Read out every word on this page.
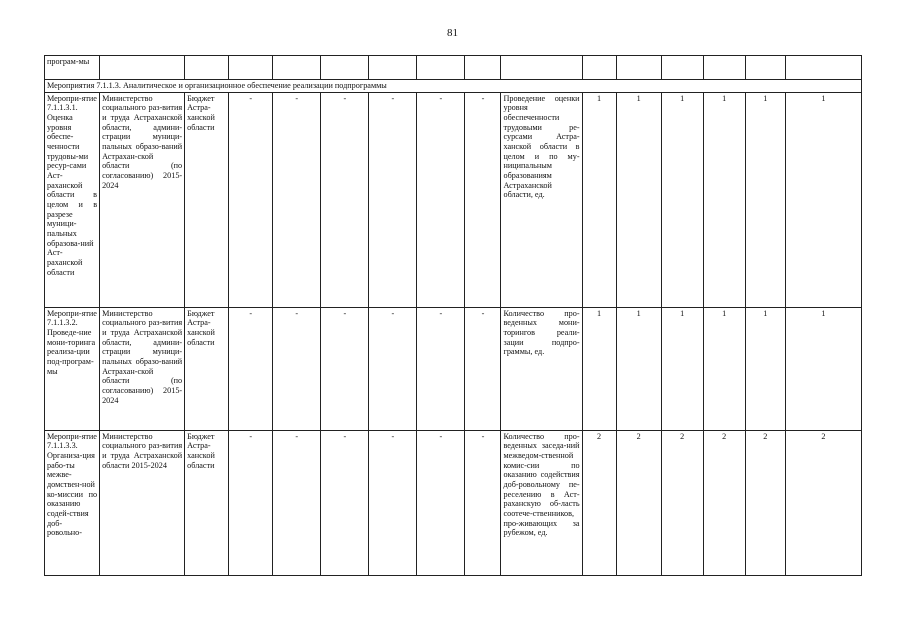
81
програм-мы															
Мероприятия 7.1.1.3. Аналитическое и организационное обеспечение реализации подпрограммы															
Меропри-ятие 7.1.1.3.1. Оценка уровня обеспе-ченности трудовы-ми ресур-сами Аст-раханской области в целом и в разрезе муници-пальных образова-ний Аст-раханской области	Министерство социального раз-вития и труда Астраханской области, админи-страции муници-пальных образо-ваний Астрахан-ской области (по согласованию) 2015-2024	Бюджет Астра-ханской области	-	-	-	-	-	-	Проведение оценки уровня обеспеченности трудовыми ре-сурсами Астра-ханской области в целом и по му-ниципальным образованиям Астраханской области, ед.	1	1	1	1	1	1
Меропри-ятие 7.1.1.3.2. Проведе-ние мони-торинга реализа-ции под-програм-мы	Министерство социального раз-вития и труда Астраханской области, админи-страции муници-пальных образо-ваний Астрахан-ской области (по согласованию) 2015-2024	Бюджет Астра-ханской области	-	-	-	-	-	-	Количество про-веденных мони-торингов реали-зации подпро-граммы, ед.	1	1	1	1	1	1
Меропри-ятие 7.1.1.3.3. Организа-ция рабо-ты межве-домствен-ной ко-миссии по оказанию содей-ствия доб-ровольно-	Министерство социального раз-вития и труда Астраханской области 2015-2024	Бюджет Астра-ханской области	-	-	-	-	-	-	Количество про-веденных заседа-ний межведом-ственной комис-сии по оказанию содействия доб-ровольному пе-реселению в Аст-раханскую об-ласть соотече-ственников, про-живающих за рубежом, ед.	2	2	2	2	2	2
